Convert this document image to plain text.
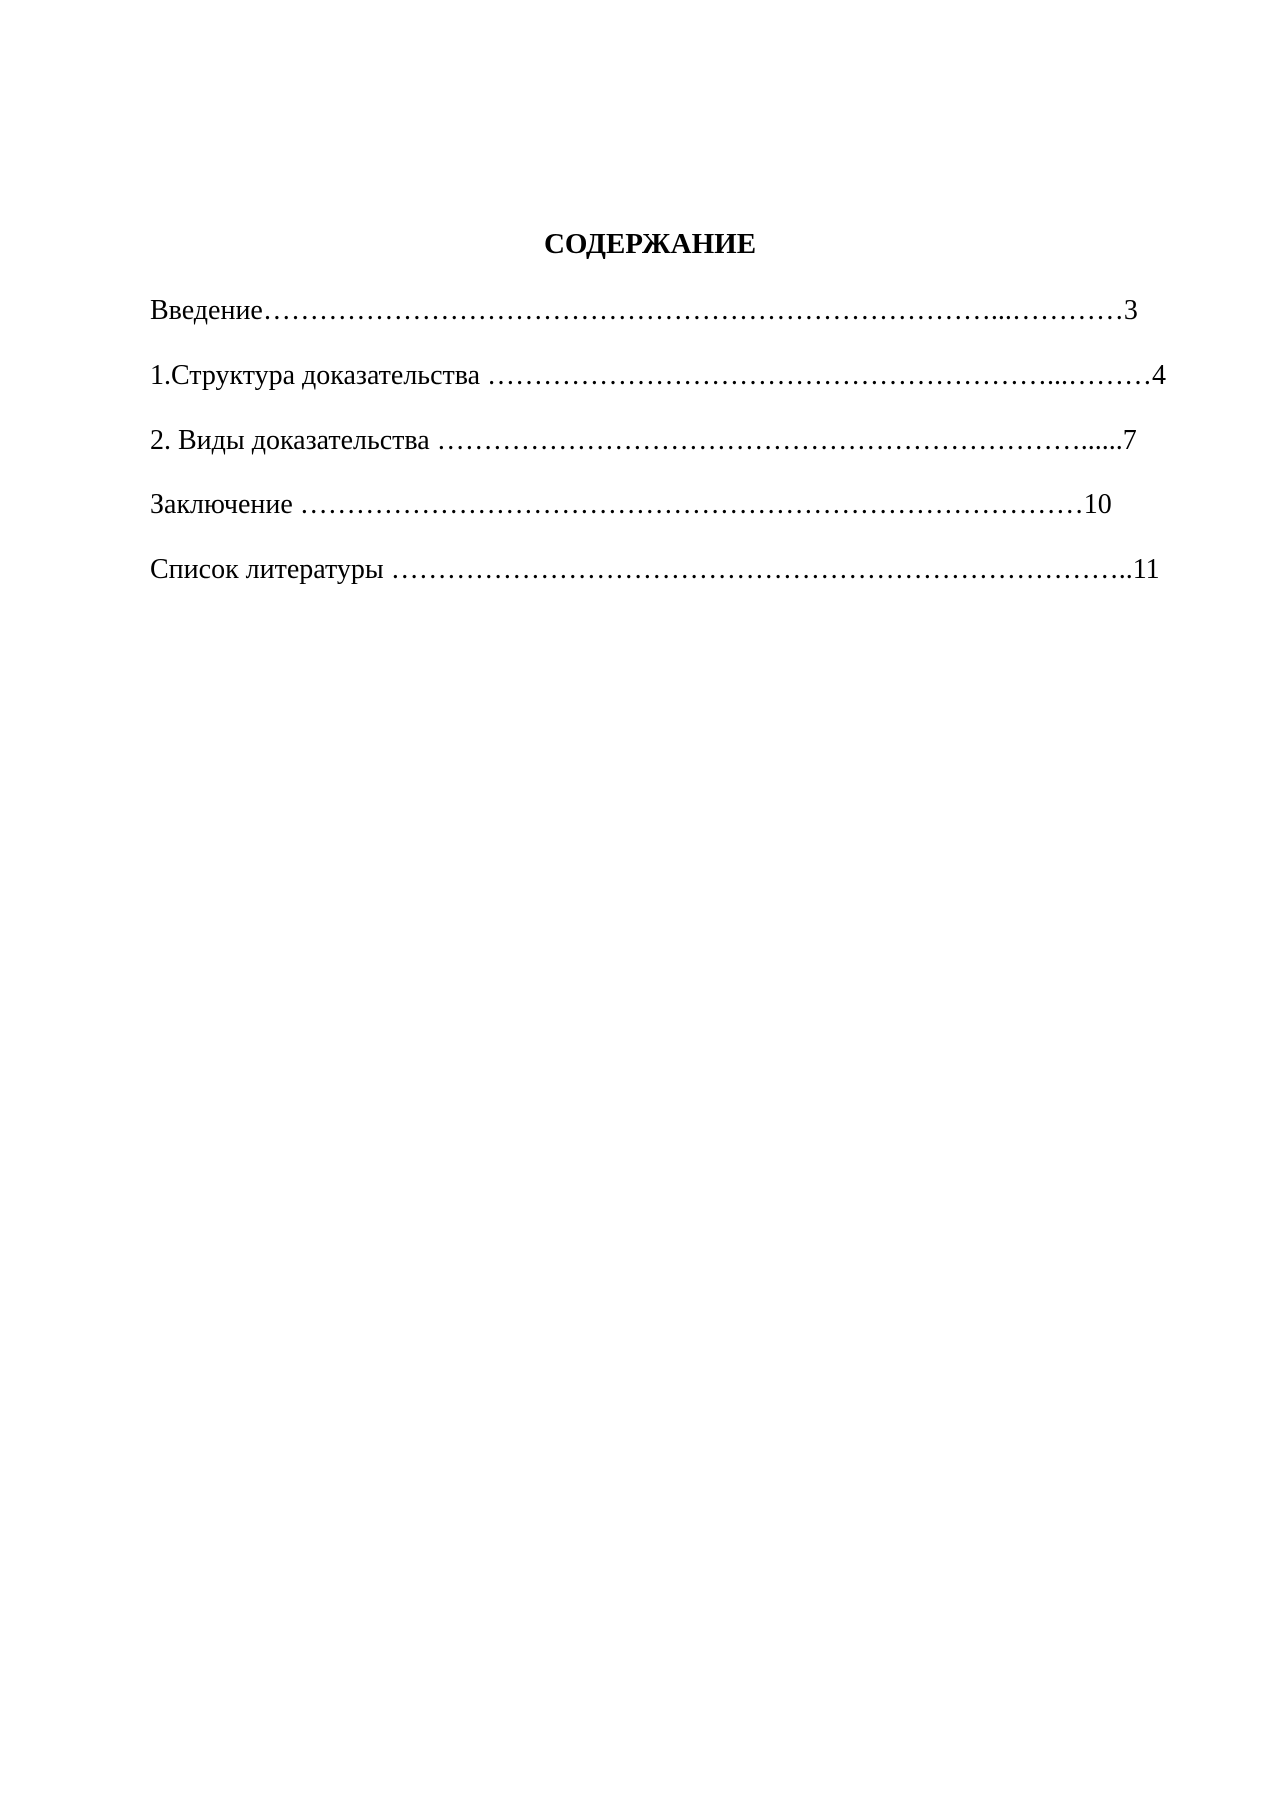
СОДЕРЖАНИЕ
Введение……………………………………………………………………...…………3
1.Структура доказательства ……………………………………………………...………4
2. Виды доказательства ……………………………………………………………......7
Заключение …………………………………………………………………………10
Список литературы ……………………………………………………………………..11
